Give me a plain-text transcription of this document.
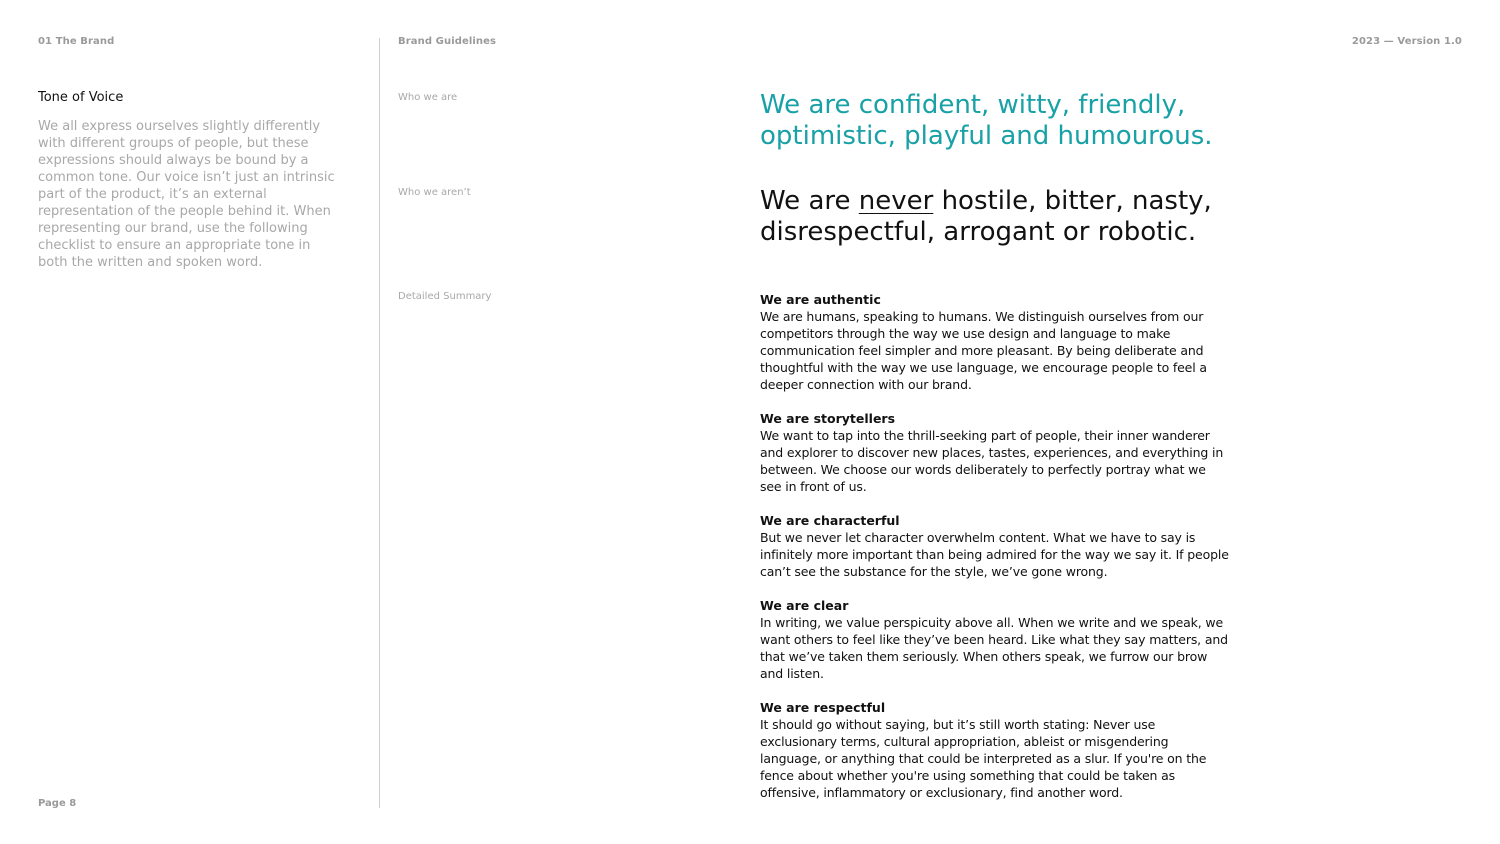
01 The Brand	Brand Guidelines	2023 — Version 1.0
Tone of Voice

We all express ourselves slightly differently with different groups of people, but these expressions should always be bound by a common tone. Our voice isn’t just an intrinsic part of the product, it’s an external representation of the people behind it. When representing our brand, use the following checklist to ensure an appropriate tone in both the written and spoken word.

Page 8
Who we are
Who we aren’t
Detailed Summary
We are confident, witty, friendly, optimistic, playful and humourous.
We are never hostile, bitter, nasty, disrespectful, arrogant or robotic.
We are authentic

We are humans, speaking to humans. We distinguish ourselves from our competitors through the way we use design and language to make communication feel simpler and more pleasant. By being deliberate and thoughtful with the way we use language, we encourage people to feel a deeper connection with our brand.

We are storytellers

We want to tap into the thrill-seeking part of people, their inner wanderer and explorer to discover new places, tastes, experiences, and everything in between. We choose our words deliberately to perfectly portray what we see in front of us.

We are characterful

But we never let character overwhelm content. What we have to say is infinitely more important than being admired for the way we say it. If people can’t see the substance for the style, we’ve gone wrong.

We are clear

In writing, we value perspicuity above all. When we write and we speak, we want others to feel like they’ve been heard. Like what they say matters, and that we’ve taken them seriously. When others speak, we furrow our brow and listen.

We are respectful

It should go without saying, but it’s still worth stating: Never use exclusionary terms, cultural appropriation, ableist or misgendering language, or anything that could be interpreted as a slur. If you're on the fence about whether you're using something that could be taken as offensive, inflammatory or exclusionary, find another word.
